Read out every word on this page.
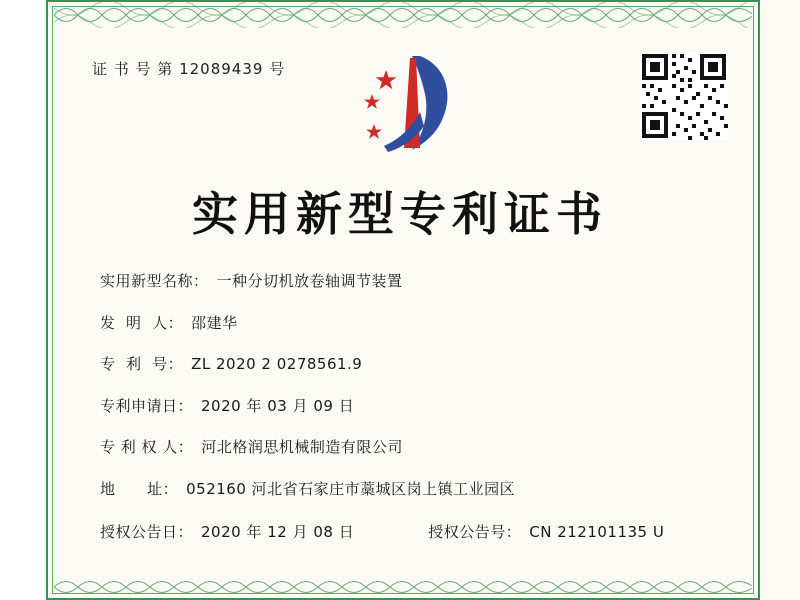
证 书 号 第 12089439 号
实用新型专利证书
实用新型名称： 一种分切机放卷轴调节装置
发  明  人： 邵建华
专  利  号： ZL 2020 2 0278561.9
专利申请日： 2020 年 03 月 09 日
专 利 权 人： 河北格润思机械制造有限公司
地      址： 052160 河北省石家庄市藁城区岗上镇工业园区
授权公告日： 2020 年 12 月 08 日	授权公告号： CN 212101135 U
